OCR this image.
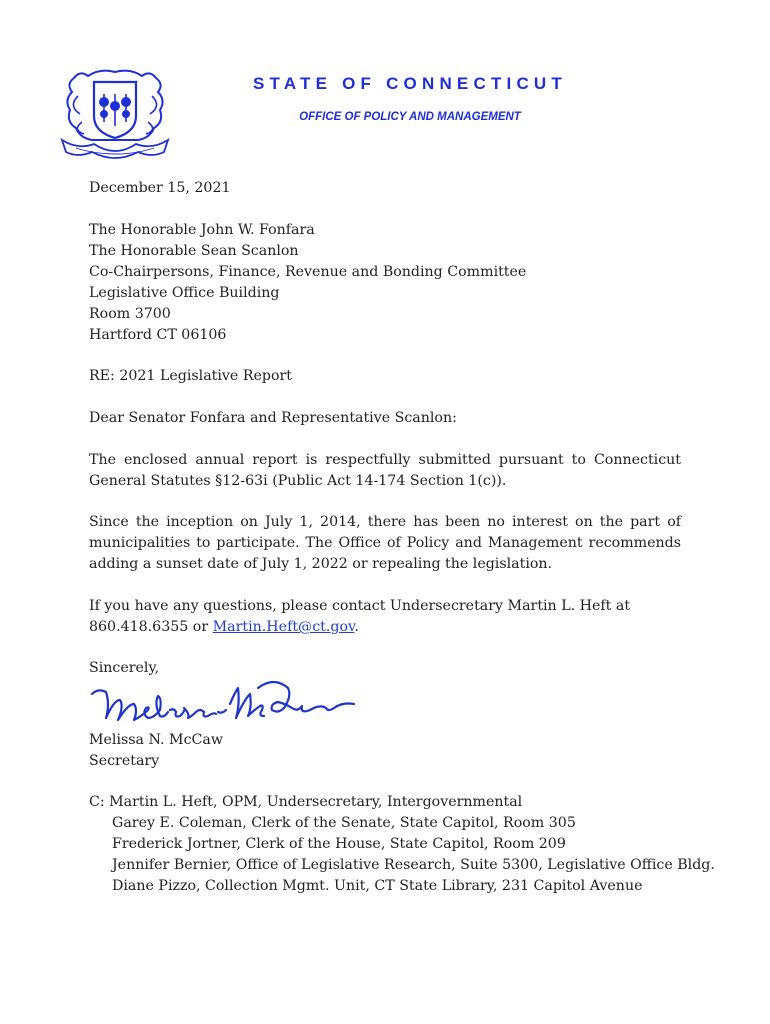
STATE OF CONNECTICUT
OFFICE OF POLICY AND MANAGEMENT
December 15, 2021
The Honorable John W. Fonfara
The Honorable Sean Scanlon
Co-Chairpersons, Finance, Revenue and Bonding Committee
Legislative Office Building
Room 3700
Hartford CT 06106
RE: 2021 Legislative Report
Dear Senator Fonfara and Representative Scanlon:
The enclosed annual report is respectfully submitted pursuant to Connecticut General Statutes §12-63i (Public Act 14-174 Section 1(c)).
Since the inception on July 1, 2014, there has been no interest on the part of municipalities to participate. The Office of Policy and Management recommends adding a sunset date of July 1, 2022 or repealing the legislation.
If you have any questions, please contact Undersecretary Martin L. Heft at 860.418.6355 or Martin.Heft@ct.gov.
Sincerely,
Melissa N. McCaw
Secretary
C: Martin L. Heft, OPM, Undersecretary, Intergovernmental
Garey E. Coleman, Clerk of the Senate, State Capitol, Room 305
Frederick Jortner, Clerk of the House, State Capitol, Room 209
Jennifer Bernier, Office of Legislative Research, Suite 5300, Legislative Office Bldg.
Diane Pizzo, Collection Mgmt. Unit, CT State Library, 231 Capitol Avenue
